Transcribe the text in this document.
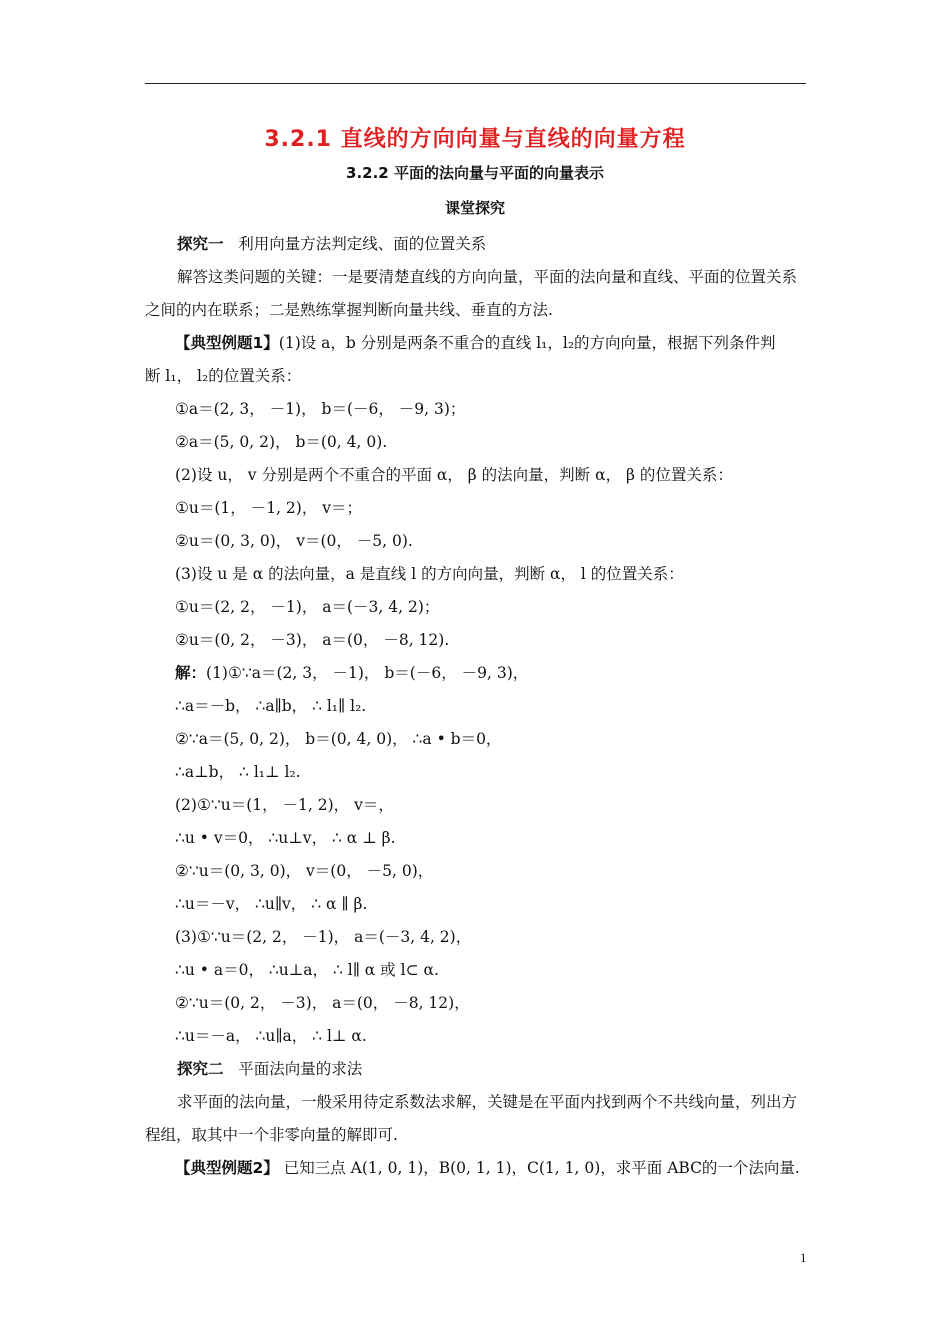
3.2.1 直线的方向向量与直线的向量方程
3.2.2 平面的法向量与平面的向量表示
课堂探究
探究一 利用向量方法判定线、面的位置关系
解答这类问题的关键：一是要清楚直线的方向向量，平面的法向量和直线、平面的位置关系之间的内在联系；二是熟练掌握判断向量共线、垂直的方法.
【典型例题1】(1)设 a，b 分别是两条不重合的直线 l₁，l₂的方向向量，根据下列条件判
断 l₁， l₂的位置关系：
①a＝(2, 3， －1)， b＝(－6， －9, 3)；
②a＝(5, 0, 2)， b＝(0, 4, 0).
(2)设 u， v 分别是两个不重合的平面 α， β 的法向量，判断 α， β 的位置关系：
①u＝(1， －1, 2)， v＝；
②u＝(0, 3, 0)， v＝(0， －5, 0).
(3)设 u 是 α 的法向量，a 是直线 l 的方向向量，判断 α， l 的位置关系：
①u＝(2, 2， －1)， a＝(－3, 4, 2)；
②u＝(0, 2， －3)， a＝(0， －8, 12).
解：(1)①∵a＝(2, 3， －1)， b＝(－6， －9, 3)，
∴a＝－b， ∴a∥b， ∴ l₁∥ l₂.
②∵a＝(5, 0, 2)， b＝(0, 4, 0)， ∴a • b＝0，
∴a⊥b， ∴ l₁⊥ l₂.
(2)①∵u＝(1， －1, 2)， v＝，
∴u • v＝0， ∴u⊥v， ∴ α ⊥ β.
②∵u＝(0, 3, 0)， v＝(0， －5, 0)，
∴u＝－v， ∴u∥v， ∴ α ∥ β.
(3)①∵u＝(2, 2， －1)， a＝(－3, 4, 2)，
∴u • a＝0， ∴u⊥a， ∴ l∥ α 或 l⊂ α.
②∵u＝(0, 2， －3)， a＝(0， －8, 12)，
∴u＝－a， ∴u∥a， ∴ l⊥ α.
探究二 平面法向量的求法
求平面的法向量，一般采用待定系数法求解，关键是在平面内找到两个不共线向量，列出方程组，取其中一个非零向量的解即可.
【典型例题2】 已知三点 A(1, 0, 1)，B(0, 1, 1)，C(1, 1, 0)，求平面 ABC的一个法向量.
1
